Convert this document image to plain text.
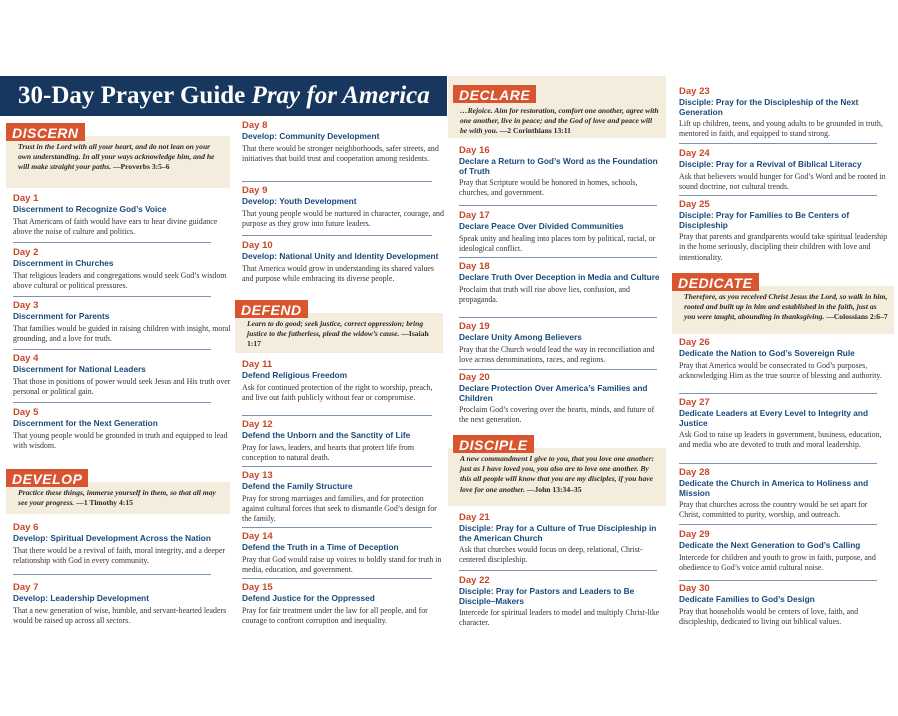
30-Day Prayer Guide Pray for America
DISCERN
Trust in the Lord with all your heart, and do not lean on your own understanding. In all your ways acknowledge him, and he will make straight your paths. —Proverbs 3:5–6
Day 1
Discernment to Recognize God’s Voice
That Americans of faith would have ears to hear divine guidance above the noise of culture and politics.
Day 2
Discernment in Churches
That religious leaders and congregations would seek God’s wisdom above cultural or political pressures.
Day 3
Discernment for Parents
That families would be guided in raising children with insight, moral grounding, and a love for truth.
Day 4
Discernment for National Leaders
That those in positions of power would seek Jesus and His truth over personal or political gain.
Day 5
Discernment for the Next Generation
That young people would be grounded in truth and equipped to lead with wisdom.
DEVELOP
Practice these things, immerse yourself in them, so that all may see your progress. —1 Timothy 4:15
Day 6
Develop: Spiritual Development Across the Nation
That there would be a revival of faith, moral integrity, and a deeper relationship with God in every community.
Day 7
Develop: Leadership Development
That a new generation of wise, humble, and servant-hearted leaders would be raised up across all sectors.
Day 8
Develop: Community Development
That there would be stronger neighborhoods, safer streets, and initiatives that build trust and cooperation among residents.
Day 9
Develop: Youth Development
That young people would be nurtured in character, courage, and purpose as they grow into future leaders.
Day 10
Develop: National Unity and Identity Development
That America would grow in understanding its shared values and purpose while embracing its diverse people.
DEFEND
Learn to do good; seek justice, correct oppression; bring justice to the fatherless, plead the widow’s cause. —Isaiah 1:17
Day 11
Defend Religious Freedom
Ask for continued protection of the right to worship, preach, and live out faith publicly without fear or compromise.
Day 12
Defend the Unborn and the Sanctity of Life
Pray for laws, leaders, and hearts that protect life from conception to natural death.
Day 13
Defend the Family Structure
Pray for strong marriages and families, and for protection against cultural forces that seek to dismantle God’s design for the family.
Day 14
Defend the Truth in a Time of Deception
Pray that God would raise up voices to boldly stand for truth in media, education, and government.
Day 15
Defend Justice for the Oppressed
Pray for fair treatment under the law for all people, and for courage to confront corruption and inequality.
DECLARE
…Rejoice. Aim for restoration, comfort one another, agree with one another, live in peace; and the God of love and peace will be with you. —2 Corinthians 13:11
Day 16
Declare a Return to God’s Word as the Foundation of Truth
Pray that Scripture would be honored in homes, schools, churches, and government.
Day 17
Declare Peace Over Divided Communities
Speak unity and healing into places torn by political, racial, or ideological conflict.
Day 18
Declare Truth Over Deception in Media and Culture
Proclaim that truth will rise above lies, confusion, and propaganda.
Day 19
Declare Unity Among Believers
Pray that the Church would lead the way in reconciliation and love across denominations, races, and regions.
Day 20
Declare Protection Over America’s Families and Children
Proclaim God’s covering over the hearts, minds, and future of the next generation.
DISCIPLE
A new commandment I give to you, that you love one another: just as I have loved you, you also are to love one another. By this all people will know that you are my disciples, if you have love for one another. —John 13:34–35
Day 21
Disciple: Pray for a Culture of True Discipleship in the American Church
Ask that churches would focus on deep, relational, Christ-centered discipleship.
Day 22
Disciple: Pray for Pastors and Leaders to Be Disciple–Makers
Intercede for spiritual leaders to model and multiply Christ-like character.
Day 23
Disciple: Pray for the Discipleship of the Next Generation
Lift up children, teens, and young adults to be grounded in truth, mentored in faith, and equipped to stand strong.
Day 24
Disciple: Pray for a Revival of Biblical Literacy
Ask that believers would hunger for God’s Word and be rooted in sound doctrine, not cultural trends.
Day 25
Disciple: Pray for Families to Be Centers of Discipleship
Pray that parents and grandparents would take spiritual leadership in the home seriously, discipling their children with love and intentionality.
DEDICATE
Therefore, as you received Christ Jesus the Lord, so walk in him, rooted and built up in him and established in the faith, just as you were taught, abounding in thanksgiving. —Colossians 2:6–7
Day 26
Dedicate the Nation to God’s Sovereign Rule
Pray that America would be consecrated to God’s purposes, acknowledging Him as the true source of blessing and authority.
Day 27
Dedicate Leaders at Every Level to Integrity and Justice
Ask God to raise up leaders in government, business, education, and media who are devoted to truth and moral leadership.
Day 28
Dedicate the Church in America to Holiness and Mission
Pray that churches across the country would be set apart for Christ, committed to purity, worship, and outreach.
Day 29
Dedicate the Next Generation to God’s Calling
Intercede for children and youth to grow in faith, purpose, and obedience to God’s voice amid cultural noise.
Day 30
Dedicate Families to God’s Design
Pray that households would be centers of love, faith, and discipleship, dedicated to living out biblical values.
